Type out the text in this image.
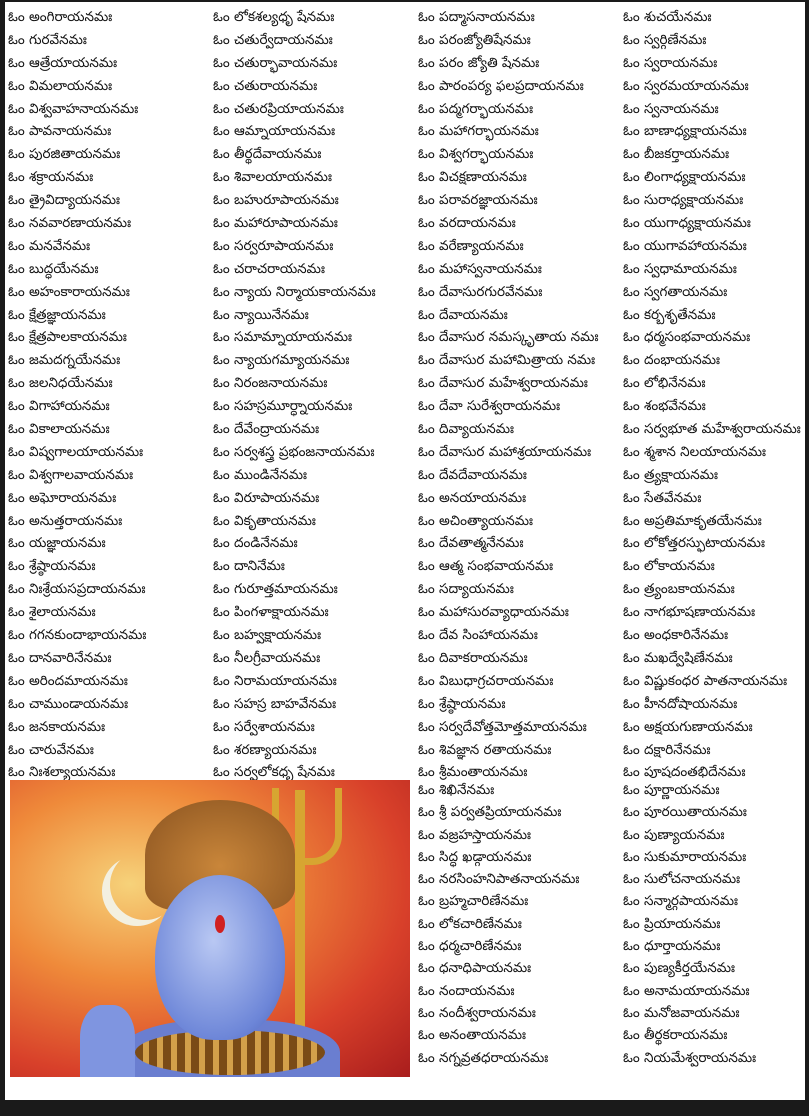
ఓం అంగిరాయనమః
ఓం గురవేనమః
ఓం ఆత్రేయాయనమః
ఓం విమలాయనమః
ఓం విశ్వవాహనాయనమః
ఓం పావనాయనమః
ఓం పురజితాయనమః
ఓం శక్రాయనమః
ఓం త్రైవిద్యాయనమః
ఓం నవవారణాయనమః
ఓం మనవేనమః
ఓం బుద్ధయేనమః
ఓం అహంకారాయనమః
ఓం క్షేత్రజ్ఞాయనమః
ఓం క్షేత్రపాలకాయనమః
ఓం జమదగ్నయేనమః
ఓం జలనిధయేనమః
ఓం విగాహాయనమః
ఓం వికాలాయనమః
ఓం విష్వగాలయాయనమః
ఓం విశ్వగాలవాయనమః
ఓం అఘోరాయనమః
ఓం అనుత్తరాయనమః
ఓం యజ్ఞాయనమః
ఓం శ్రేష్ఠాయనమః
ఓం నిఃశ్రేయసప్రదాయనమః
ఓం శైలాయనమః
ఓం గగనకుందాభాయనమః
ఓం దానవారినేనమః
ఓం అరిందమాయనమః
ఓం చాముండాయనమః
ఓం జనకాయనమః
ఓం చారువేనమః
ఓం నిఃశల్యాయనమః
ఓం లోకశల్యధృ షేనమః
ఓం చతుర్వేదాయనమః
ఓం చతుర్భావాయనమః
ఓం చతురాయనమః
ఓం చతురప్రియాయనమః
ఓం ఆమ్నాయాయనమః
ఓం తీర్థదేవాయనమః
ఓం శివాలయాయనమః
ఓం బహురూపాయనమః
ఓం మహారూపాయనమః
ఓం సర్వరూపాయనమః
ఓం చరాచరాయనమః
ఓం న్యాయ నిర్మాయకాయనమః
ఓం న్యాయినేనమః
ఓం సమామ్నాయాయనమః
ఓం న్యాయగమ్యాయనమః
ఓం నిరంజనాయనమః
ఓం సహస్రమూర్ధ్నాయనమః
ఓం దేవేంద్రాయనమః
ఓం సర్వశస్త్ర ప్రభంజనాయనమః
ఓం ముండినేనమః
ఓం విరూపాయనమః
ఓం వికృతాయనమః
ఓం దండినేనమః
ఓం దానినేమః
ఓం గురూత్తమాయనమః
ఓం పింగళాక్షాయనమః
ఓం బహ్వక్షాయనమః
ఓం నీలగ్రీవాయనమః
ఓం నిరామయాయనమః
ఓం సహస్ర బాహవేనమః
ఓం సర్వేశాయనమః
ఓం శరణ్యాయనమః
ఓం సర్వలోకధృ షేనమః
ఓం పద్మాసనాయనమః
ఓం పరంజ్యోతిషేనమః
ఓం పరం జ్యోతి షేనమః
ఓం పారంపర్య ఫలప్రదాయనమః
ఓం పద్మగర్భాయనమః
ఓం మహాగర్భాయనమః
ఓం విశ్వగర్భాయనమః
ఓం విచక్షణాయనమః
ఓం పరావరజ్ఞాయనమః
ఓం వరదాయనమః
ఓం వరేణ్యాయనమః
ఓం మహాస్వనాయనమః
ఓం దేవాసురగురవేనమః
ఓం దేవాయనమః
ఓం దేవాసుర నమస్కృతాయ నమః
ఓం దేవాసుర మహామిత్రాయ నమః
ఓం దేవాసుర మహేశ్వరాయనమః
ఓం దేవా సురేశ్వరాయనమః
ఓం దివ్యాయనమః
ఓం దేవాసుర మహాశ్రయాయనమః
ఓం దేవదేవాయనమః
ఓం అనయాయనమః
ఓం అచింత్యాయనమః
ఓం దేవతాత్మనేనమః
ఓం ఆత్మ సంభవాయనమః
ఓం సద్యాయనమః
ఓం మహాసురవ్యాధాయనమః
ఓం దేవ సింహాయనమః
ఓం దివాకరాయనమః
ఓం విబుధాగ్రచరాయనమః
ఓం శ్రేష్ఠాయనమః
ఓం సర్వదేవోత్తమోత్తమాయనమః
ఓం శివజ్ఞాన రతాయనమః
ఓం శ్రీమంతాయనమః
ఓం శుచయేనమః
ఓం స్వర్గిణేనమః
ఓం స్వరాయనమః
ఓం స్వరమయాయనమః
ఓం స్వనాయనమః
ఓం బాణాధ్యక్షాయనమః
ఓం బీజకర్తాయనమః
ఓం లింగాధ్యక్షాయనమః
ఓం సురాధ్యక్షాయనమః
ఓం యుగాధ్యక్షాయనమః
ఓం యుగావహాయనమః
ఓం స్వధామాయనమః
ఓం స్వగతాయనమః
ఓం కర్బశృతేనమః
ఓం ధర్మసంభవాయనమః
ఓం దంభాయనమః
ఓం లోభినేనమః
ఓం శంభవేనమః
ఓం సర్వభూత మహేశ్వరాయనమః
ఓం శ్మశాన నిలయాయనమః
ఓం త్ర్యక్షాయనమః
ఓం సేతవేనమః
ఓం అప్రతిమాకృతయేనమః
ఓం లోకోత్తరస్ఫుటాయనమః
ఓం లోకాయనమః
ఓం త్ర్యంబకాయనమః
ఓం నాగభూషణాయనమః
ఓం అంధకారినేనమః
ఓం మఖద్వేషిణేనమః
ఓం విష్ణుకంధర పాతనాయనమః
ఓం హీనదోషాయనమః
ఓం అక్షయగుణాయనమః
ఓం దక్షారినేనమః
ఓం పూషదంతభిదేనమః
ఓం శిఖినేనమః
ఓం శ్రీ పర్వతప్రియాయనమః
ఓం వజ్రహస్తాయనమః
ఓం సిద్ధ ఖడ్గాయనమః
ఓం నరసింహనిపాతనాయనమః
ఓం బ్రహ్మచారిణేనమః
ఓం లోకచారిణేనమః
ఓం ధర్మచారిణేనమః
ఓం ధనాధిపాయనమః
ఓం నందాయనమః
ఓం నందీశ్వరాయనమః
ఓం అనంతాయనమః
ఓం నగ్నవ్రతధరాయనమః
ఓం పూర్ణాయనమః
ఓం పూరయితాయనమః
ఓం పుణ్యాయనమః
ఓం సుకుమారాయనమః
ఓం సులోచనాయనమః
ఓం సన్మార్గపాయనమః
ఓం ప్రియాయనమః
ఓం ధూర్తాయనమః
ఓం పుణ్యకీర్తయేనమః
ఓం అనామయాయనమః
ఓం మనోజవాయనమః
ఓం తీర్థకరాయనమః
ఓం నియమేశ్వరాయనమః
